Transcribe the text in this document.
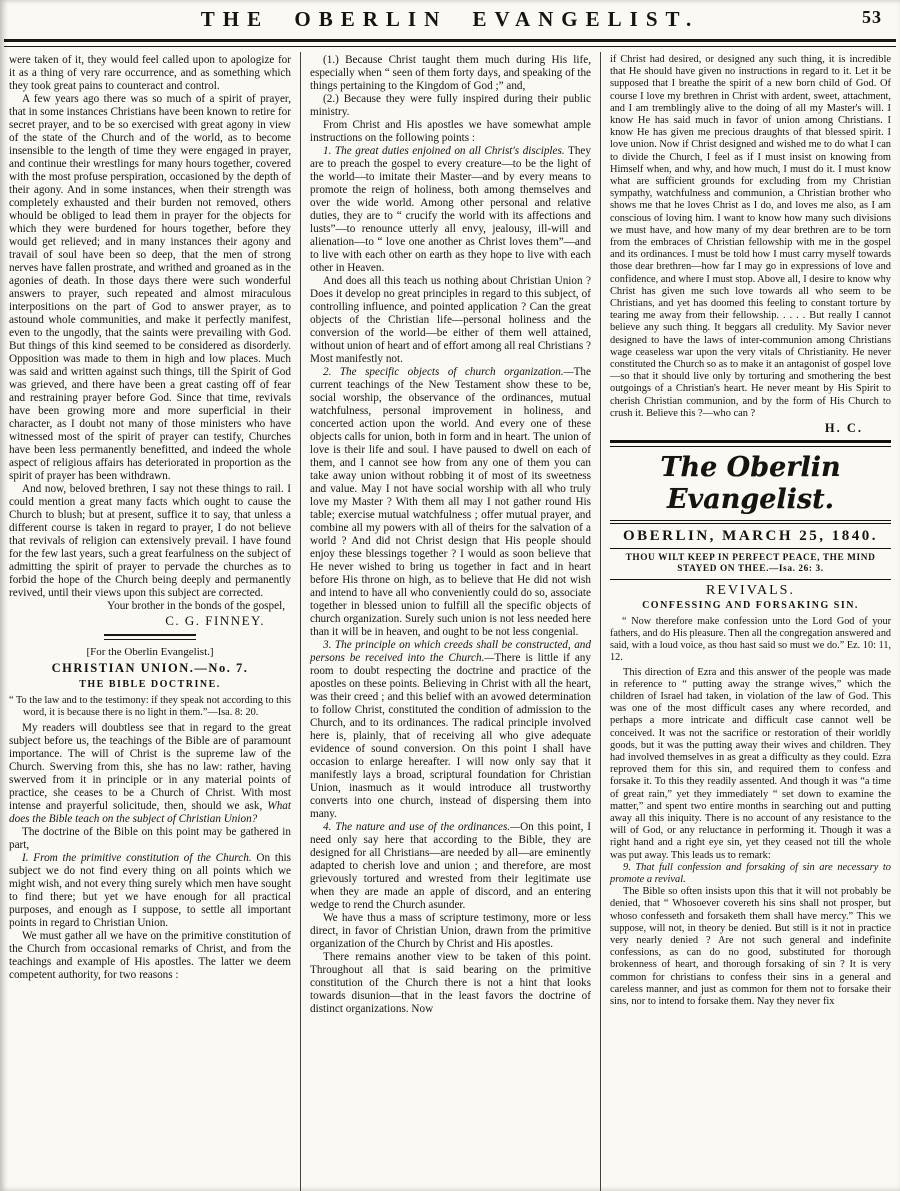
THE OBERLIN EVANGELIST.	53

were taken of it, they would feel called upon to apologize for it as a thing of very rare occurrence, and as something which they took great pains to counteract and control.

A few years ago there was so much of a spirit of prayer, that in some instances Christians have been known to retire for secret prayer, and to be so exercised with great agony in view of the state of the Church and of the world, as to become insensible to the length of time they were engaged in prayer, and continue their wrestlings for many hours together, covered with the most profuse perspiration, occasioned by the depth of their agony. And in some instances, when their strength was completely exhausted and their burden not removed, others whould be obliged to lead them in prayer for the objects for which they were burdened for hours together, before they would get relieved; and in many instances their agony and travail of soul have been so deep, that the men of strong nerves have fallen prostrate, and writhed and groaned as in the agonies of death. In those days there were such wonderful answers to prayer, such repeated and almost miraculous interpositions on the part of God to answer prayer, as to astound whole communities, and make it perfectly manifest, even to the ungodly, that the saints were prevailing with God. But things of this kind seemed to be considered as disorderly. Opposition was made to them in high and low places. Much was said and written against such things, till the Spirit of God was grieved, and there have been a great casting off of fear and restraining prayer before God. Since that time, revivals have been growing more and more superficial in their character, as I doubt not many of those ministers who have witnessed most of the spirit of prayer can testify, Churches have been less permanently benefitted, and indeed the whole aspect of religious affairs has deteriorated in proportion as the spirit of prayer has been withdrawn.

And now, beloved brethren, I say not these things to rail. I could mention a great many facts which ought to cause the Church to blush; but at present, suffice it to say, that unless a different course is taken in regard to prayer, I do not believe that revivals of religion can extensively prevail. I have found for the few last years, such a great fearfulness on the subject of admitting the spirit of prayer to pervade the churches as to forbid the hope of the Church being deeply and permanently revived, until their views upon this subject are corrected.

Your brother in the bonds of the gospel,

C. G. FINNEY.

[For the Oberlin Evangelist.]

CHRISTIAN UNION.—No. 7.
THE BIBLE DOCTRINE.

“ To the law and to the testimony: if they speak not according to this word, it is because there is no light in them.”—Isa. 8: 20.

My readers will doubtless see that in regard to the great subject before us, the teachings of the Bible are of paramount importance. The will of Christ is the supreme law of the Church. Swerving from this, she has no law: rather, having swerved from it in principle or in any material points of practice, she ceases to be a Church of Christ. With most intense and prayerful solicitude, then, should we ask, What does the Bible teach on the subject of Christian Union?

The doctrine of the Bible on this point may be gathered in part,

I. From the primitive constitution of the Church. On this subject we do not find every thing on all points which we might wish, and not every thing surely which men have sought to find there; but yet we have enough for all practical purposes, and enough as I suppose, to settle all important points in regard to Christian Union.

We must gather all we have on the primitive constitution of the Church from occasional remarks of Christ, and from the teachings and example of His apostles. The latter we deem competent authority, for two reasons :

(1.) Because Christ taught them much during His life, especially when “ seen of them forty days, and speaking of the things pertaining to the Kingdom of God ;” and,

(2.) Because they were fully inspired during their public ministry.

From Christ and His apostles we have somewhat ample instructions on the following points :

1. The great duties enjoined on all Christ's disciples. They are to preach the gospel to every creature—to be the light of the world—to imitate their Master—and by every means to promote the reign of holiness, both among themselves and over the wide world. Among other personal and relative duties, they are to “ crucify the world with its affections and lusts”—to renounce utterly all envy, jealousy, ill-will and alienation—to “ love one another as Christ loves them”—and to live with each other on earth as they hope to live with each other in Heaven.

And does all this teach us nothing about Christian Union ? Does it develop no great principles in regard to this subject, of controlling influence, and pointed application ? Can the great objects of the Christian life—personal holiness and the conversion of the world—be either of them well attained, without union of heart and of effort among all real Christians ? Most manifestly not.

2. The specific objects of church organization.—The current teachings of the New Testament show these to be, social worship, the observance of the ordinances, mutual watchfulness, personal improvement in holiness, and concerted action upon the world. And every one of these objects calls for union, both in form and in heart. The union of love is their life and soul. I have paused to dwell on each of them, and I cannot see how from any one of them you can take away union without robbing it of most of its sweetness and value. May I not have social worship with all who truly love my Master ? With them all may I not gather round His table; exercise mutual watchfulness ; offer mutual prayer, and combine all my powers with all of theirs for the salvation of a world ? And did not Christ design that His people should enjoy these blessings together ? I would as soon believe that He never wished to bring us together in fact and in heart before His throne on high, as to believe that He did not wish and intend to have all who conveniently could do so, associate together in blessed union to fulfill all the specific objects of church organization. Surely such union is not less needed here than it will be in heaven, and ought to be not less congenial.

3. The principle on which creeds shall be constructed, and persons be received into the Church.—There is little if any room to doubt respecting the doctrine and practice of the apostles on these points. Believing in Christ with all the heart, was their creed ; and this belief with an avowed determination to follow Christ, constituted the condition of admission to the Church, and to its ordinances. The radical principle involved here is, plainly, that of receiving all who give adequate evidence of sound conversion. On this point I shall have occasion to enlarge hereafter. I will now only say that it manifestly lays a broad, scriptural foundation for Christian Union, inasmuch as it would introduce all trustworthy converts into one church, instead of dispersing them into many.

4. The nature and use of the ordinances.—On this point, I need only say here that according to the Bible, they are designed for all Christians—are needed by all—are eminently adapted to cherish love and union ; and therefore, are most grievously tortured and wrested from their legitimate use when they are made an apple of discord, and an entering wedge to rend the Church asunder.

We have thus a mass of scripture testimony, more or less direct, in favor of Christian Union, drawn from the primitive organization of the Church by Christ and His apostles.

There remains another view to be taken of this point. Throughout all that is said bearing on the primitive constitution of the Church there is not a hint that looks towards disunion—that in the least favors the doctrine of distinct organizations. Now

if Christ had desired, or designed any such thing, it is incredible that He should have given no instructions in regard to it. Let it be supposed that I breathe the spirit of a new born child of God. Of course I love my brethren in Christ with ardent, sweet, attachment, and I am tremblingly alive to the doing of all my Master's will. I know He has said much in favor of union among Christians. I know He has given me precious draughts of that blessed spirit. I love union. Now if Christ designed and wished me to do what I can to divide the Church, I feel as if I must insist on knowing from Himself when, and why, and how much, I must do it. I must know what are sufficient grounds for excluding from my Christian sympathy, watchfulness and communion, a Christian brother who shows me that he loves Christ as I do, and loves me also, as I am conscious of loving him. I want to know how many such divisions we must have, and how many of my dear brethren are to be torn from the embraces of Christian fellowship with me in the gospel and its ordinances. I must be told how I must carry myself towards those dear brethren—how far I may go in expressions of love and confidence, and where I must stop. Above all, I desire to know why Christ has given me such love towards all who seem to be Christians, and yet has doomed this feeling to constant torture by tearing me away from their fellowship. . . . . But really I cannot believe any such thing. It beggars all credulity. My Savior never designed to have the laws of inter-communion among Christians wage ceaseless war upon the very vitals of Christianity. He never constituted the Church so as to make it an antagonist of gospel love—so that it should live only by torturing and smothering the best outgoings of a Christian's heart. He never meant by His Spirit to cherish Christian communion, and by the form of His Church to crush it. Believe this ?—who can ?

H. C.

The Oberlin Evangelist.
OBERLIN, MARCH 25, 1840.

THOU WILT KEEP IN PERFECT PEACE, THE MIND STAYED ON THEE.—Isa. 26: 3.

REVIVALS.
CONFESSING AND FORSAKING SIN.

“ Now therefore make confession unto the Lord God of your fathers, and do His pleasure. Then all the congregation answered and said, with a loud voice, as thou hast said so must we do.” Ez. 10: 11, 12.

This direction of Ezra and this answer of the people was made in reference to “ putting away the strange wives,” which the children of Israel had taken, in violation of the law of God. This was one of the most difficult cases any where recorded, and perhaps a more intricate and difficult case cannot well be conceived. It was not the sacrifice or restoration of their worldly goods, but it was the putting away their wives and children. They had involved themselves in as great a difficulty as they could. Ezra reproved them for this sin, and required them to confess and forsake it. To this they readily assented. And though it was “a time of great rain,” yet they immediately “ set down to examine the matter,” and spent two entire months in searching out and putting away all this iniquity. There is no account of any resistance to the will of God, or any reluctance in performing it. Though it was a right hand and a right eye sin, yet they ceased not till the whole was put away. This leads us to remark:

9. That full confession and forsaking of sin are necessary to promote a revival.

The Bible so often insists upon this that it will not probably be denied, that “ Whosoever covereth his sins shall not prosper, but whoso confesseth and forsaketh them shall have mercy.” This we suppose, will not, in theory be denied. But still is it not in practice very nearly denied ? Are not such general and indefinite confessions, as can do no good, substituted for thorough brokenness of heart, and thorough forsaking of sin ? It is very common for christians to confess their sins in a general and careless manner, and just as common for them not to forsake their sins, nor to intend to forsake them. Nay they never fix
